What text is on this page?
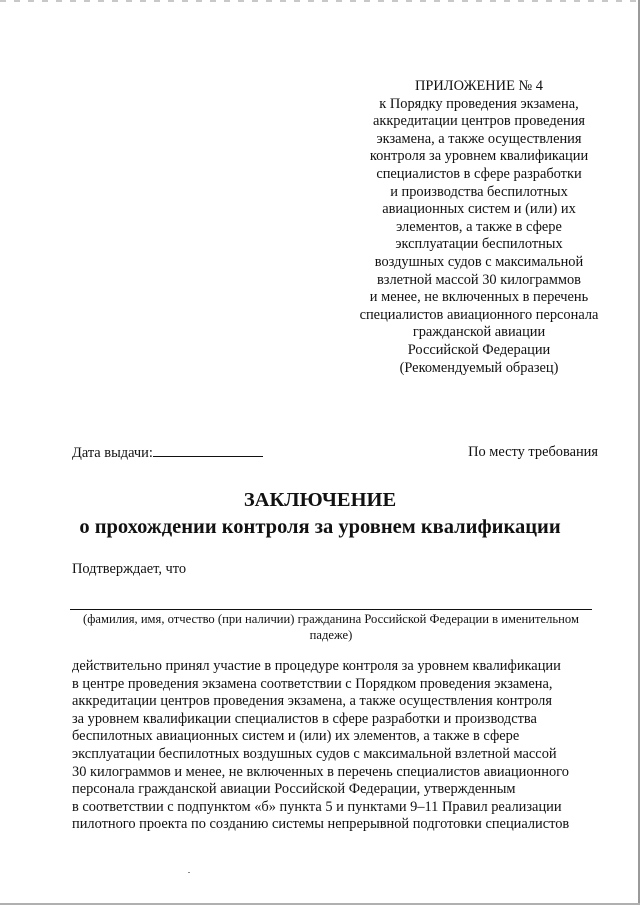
ПРИЛОЖЕНИЕ № 4
к Порядку проведения экзамена,
аккредитации центров проведения
экзамена, а также осуществления
контроля за уровнем квалификации
специалистов в сфере разработки
и производства беспилотных
авиационных систем и (или) их
элементов, а также в сфере
эксплуатации беспилотных
воздушных судов с максимальной
взлетной массой 30 килограммов
и менее, не включенных в перечень
специалистов авиационного персонала
гражданской авиации
Российской Федерации
(Рекомендуемый образец)
Дата выдачи:	По месту требования
ЗАКЛЮЧЕНИЕ
о прохождении контроля за уровнем квалификации
Подтверждает, что
(фамилия, имя, отчество (при наличии) гражданина Российской Федерации в именительном
падеже)
действительно принял участие в процедуре контроля за уровнем квалификации
в центре проведения экзамена соответствии с Порядком проведения экзамена,
аккредитации центров проведения экзамена, а также осуществления контроля
за уровнем квалификации специалистов в сфере разработки и производства
беспилотных авиационных систем и (или) их элементов, а также в сфере
эксплуатации беспилотных воздушных судов с максимальной взлетной массой
30 килограммов и менее, не включенных в перечень специалистов авиационного
персонала гражданской авиации Российской Федерации, утвержденным
в соответствии с подпунктом «б» пункта 5 и пунктами 9–11 Правил реализации
пилотного проекта по созданию системы непрерывной подготовки специалистов
